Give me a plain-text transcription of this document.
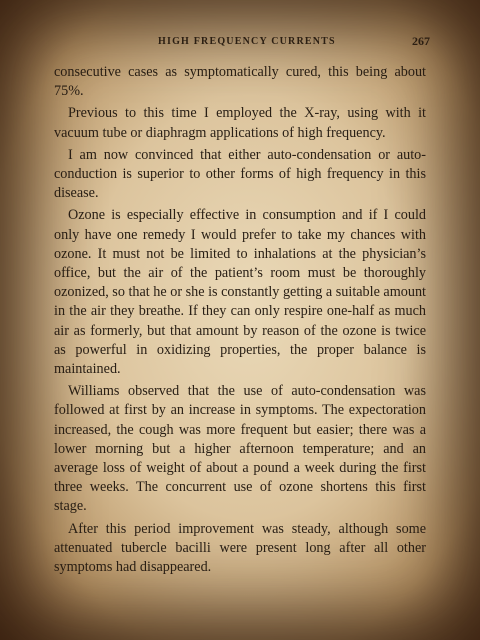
HIGH FREQUENCY CURRENTS	267

consecutive cases as symptomatically cured, this being about 75%.

Previous to this time I employed the X-ray, using with it vacuum tube or diaphragm applications of high frequency.

I am now convinced that either auto-condensation or auto-conduction is superior to other forms of high frequency in this disease.

Ozone is especially effective in consumption and if I could only have one remedy I would prefer to take my chances with ozone. It must not be limited to inhalations at the physician’s office, but the air of the patient’s room must be thoroughly ozonized, so that he or she is constantly getting a suitable amount in the air they breathe. If they can only respire one-half as much air as formerly, but that amount by reason of the ozone is twice as powerful in oxidizing properties, the proper balance is maintained.

Williams observed that the use of auto-condensation was followed at first by an increase in symptoms. The expectoration increased, the cough was more frequent but easier; there was a lower morning but a higher afternoon temperature; and an average loss of weight of about a pound a week during the first three weeks. The concurrent use of ozone shortens this first stage.

After this period improvement was steady, although some attenuated tubercle bacilli were present long after all other symptoms had disappeared.
